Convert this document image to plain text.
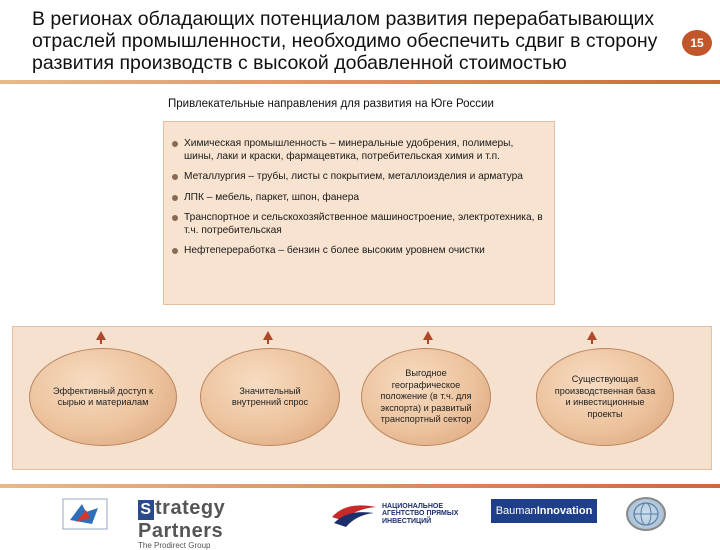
В регионах обладающих потенциалом развития перерабатывающих отраслей промышленности, необходимо обеспечить сдвиг в сторону развития производств с высокой добавленной стоимостью
15
Привлекательные направления для развития на Юге России
Химическая промышленность – минеральные удобрения, полимеры, шины, лаки и краски, фармацевтика, потребительская химия и т.п.
Металлургия – трубы, листы с покрытием, металлоизделия и арматура
ЛПК – мебель, паркет, шпон, фанера
Транспортное и сельскохозяйственное машиностроение, электротехника, в т.ч. потребительская
Нефтепереработка – бензин с более высоким уровнем очистки
Эффективный доступ к сырью и материалам
Значительный внутренний спрос
Выгодное географическое положение (в т.ч. для экспорта) и развитый транспортный сектор
Существующая производственная база и инвестиционные проекты
S trategy Partners
The Prodirect Group
НАЦИОНАЛЬНОЕ АГЕНТСТВО ПРЯМЫХ ИНВЕСТИЦИЙ
BaumanInnovation
